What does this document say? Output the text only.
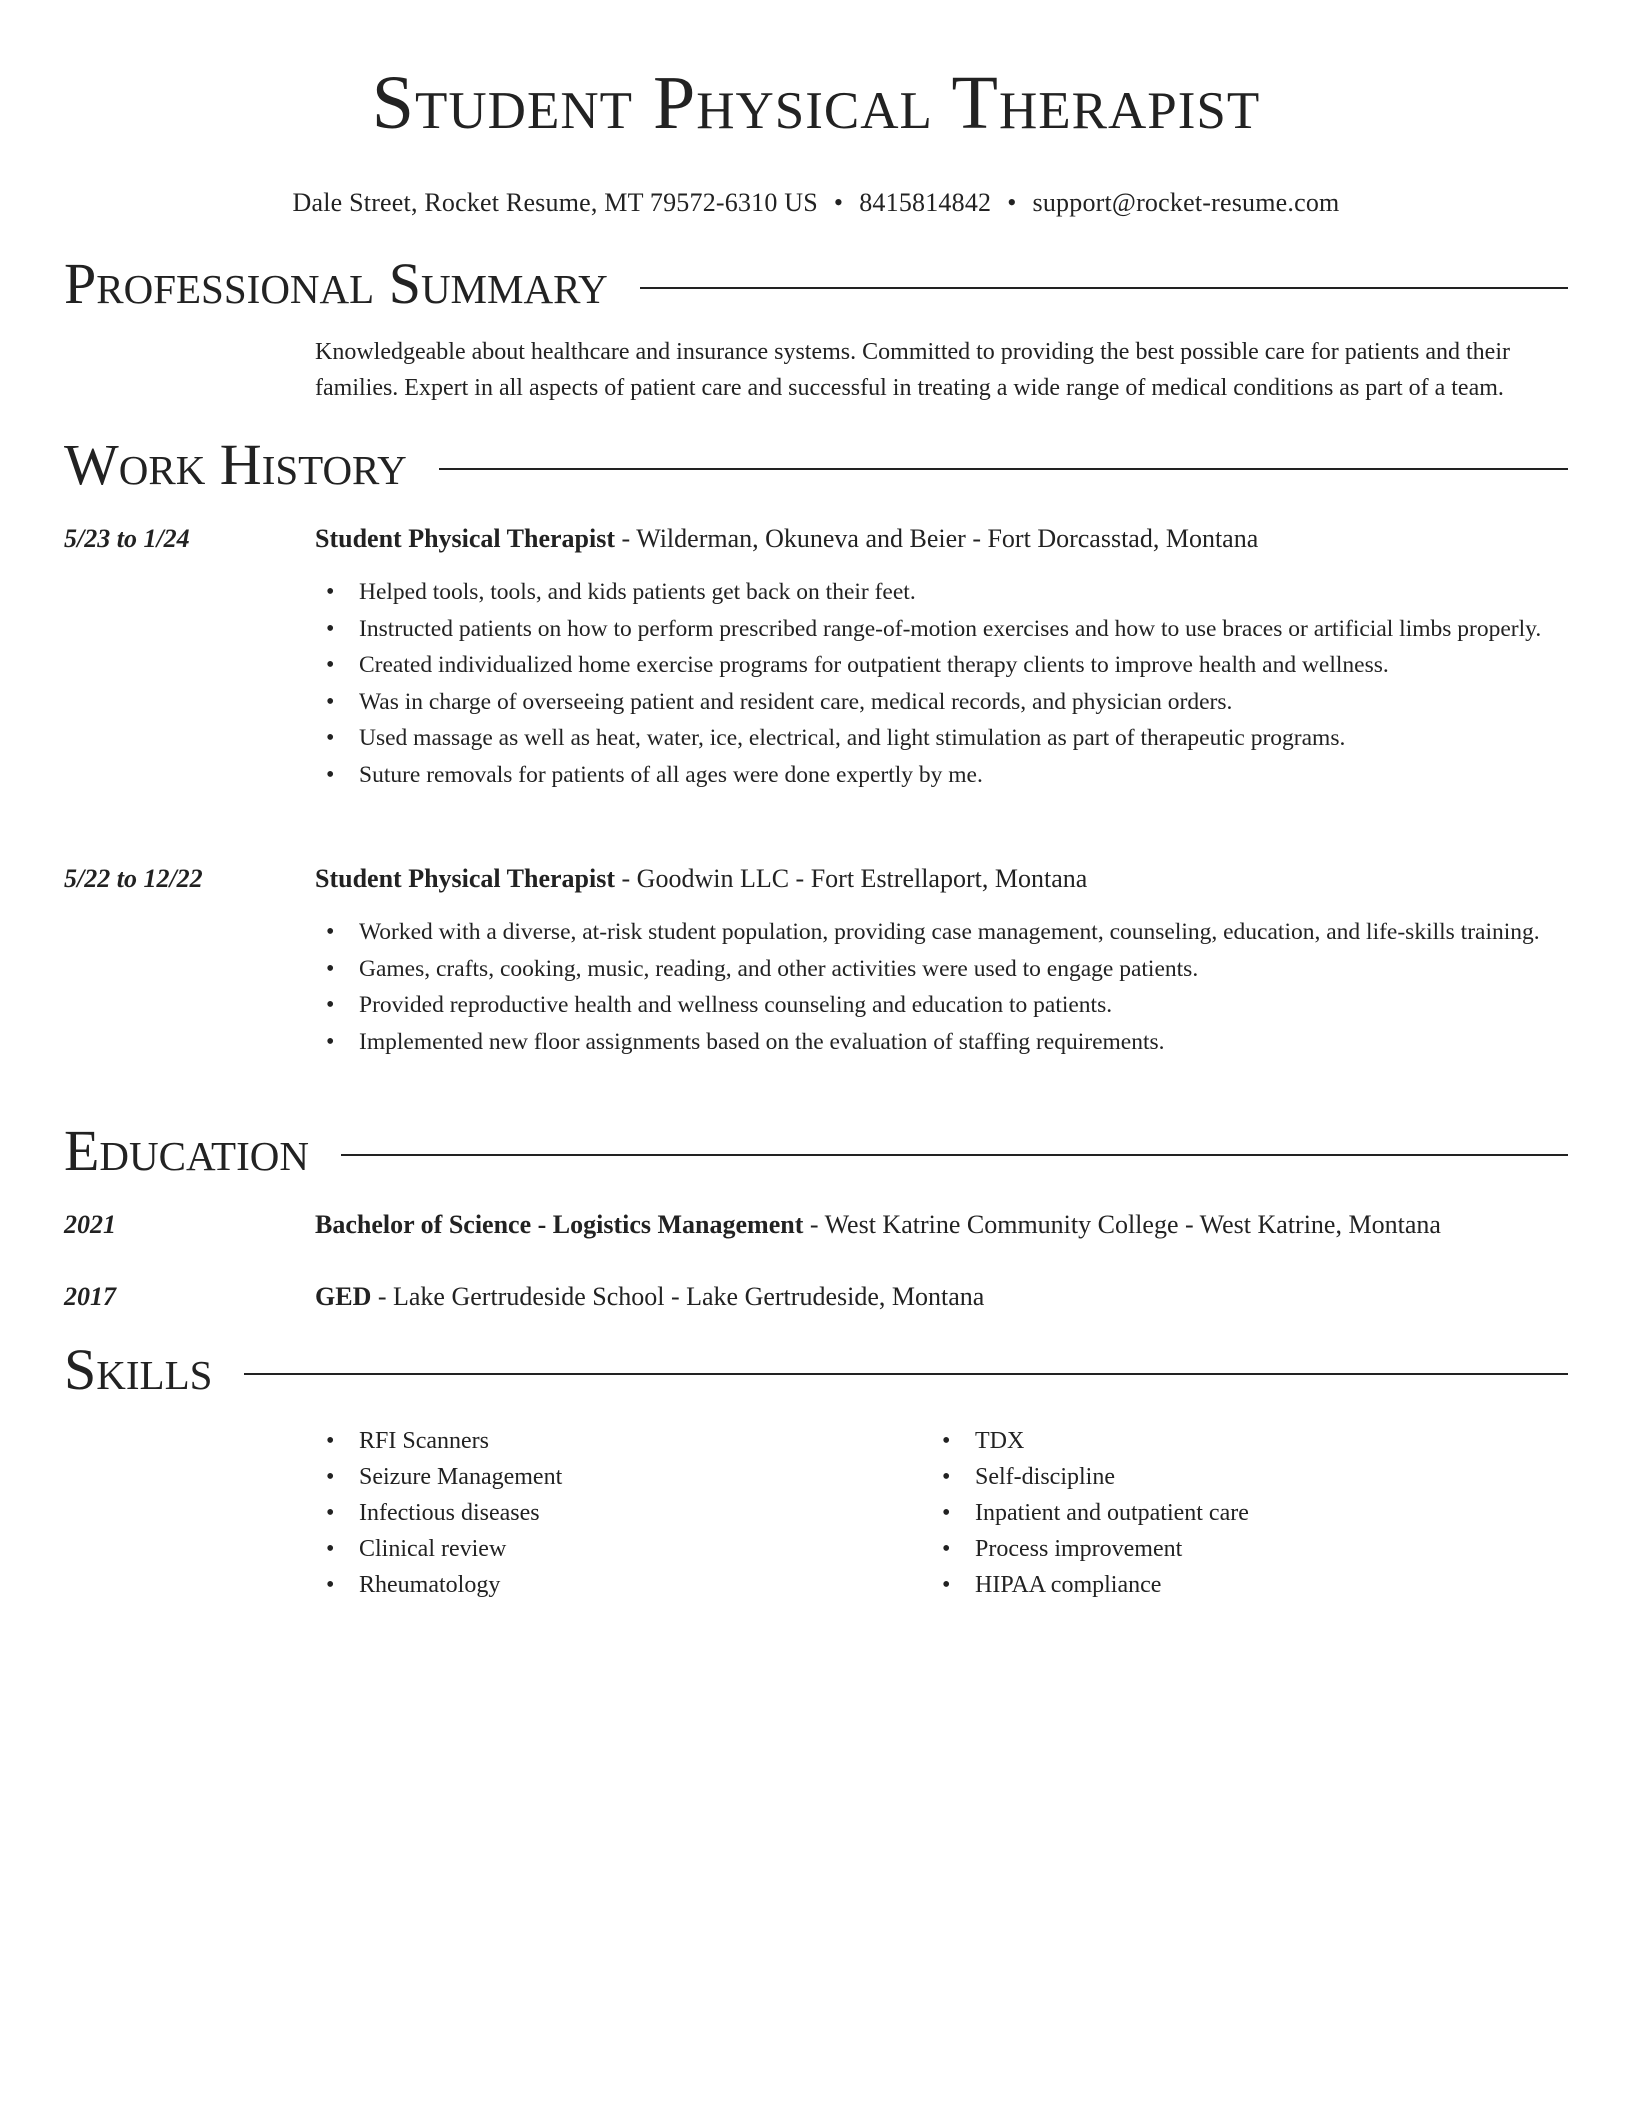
Student Physical Therapist
Dale Street, Rocket Resume, MT 79572-6310 US • 8415814842 • support@rocket-resume.com
Professional Summary

Knowledgeable about healthcare and insurance systems. Committed to providing the best possible care for patients and their families. Expert in all aspects of patient care and successful in treating a wide range of medical conditions as part of a team.

Work History
5/23 to 1/24	Student Physical Therapist - Wilderman, Okuneva and Beier - Fort Dorcasstad, Montana
• Helped tools, tools, and kids patients get back on their feet.
• Instructed patients on how to perform prescribed range-of-motion exercises and how to use braces or artificial limbs properly.
• Created individualized home exercise programs for outpatient therapy clients to improve health and wellness.
• Was in charge of overseeing patient and resident care, medical records, and physician orders.
• Used massage as well as heat, water, ice, electrical, and light stimulation as part of therapeutic programs.
• Suture removals for patients of all ages were done expertly by me.
5/22 to 12/22	Student Physical Therapist - Goodwin LLC - Fort Estrellaport, Montana
• Worked with a diverse, at-risk student population, providing case management, counseling, education, and life-skills training.
• Games, crafts, cooking, music, reading, and other activities were used to engage patients.
• Provided reproductive health and wellness counseling and education to patients.
• Implemented new floor assignments based on the evaluation of staffing requirements.
Education
2021	Bachelor of Science - Logistics Management - West Katrine Community College - West Katrine, Montana
2017	GED - Lake Gertrudeside School - Lake Gertrudeside, Montana
Skills
• RFI Scanners
• Seizure Management
• Infectious diseases
• Clinical review
• Rheumatology
• TDX
• Self-discipline
• Inpatient and outpatient care
• Process improvement
• HIPAA compliance
